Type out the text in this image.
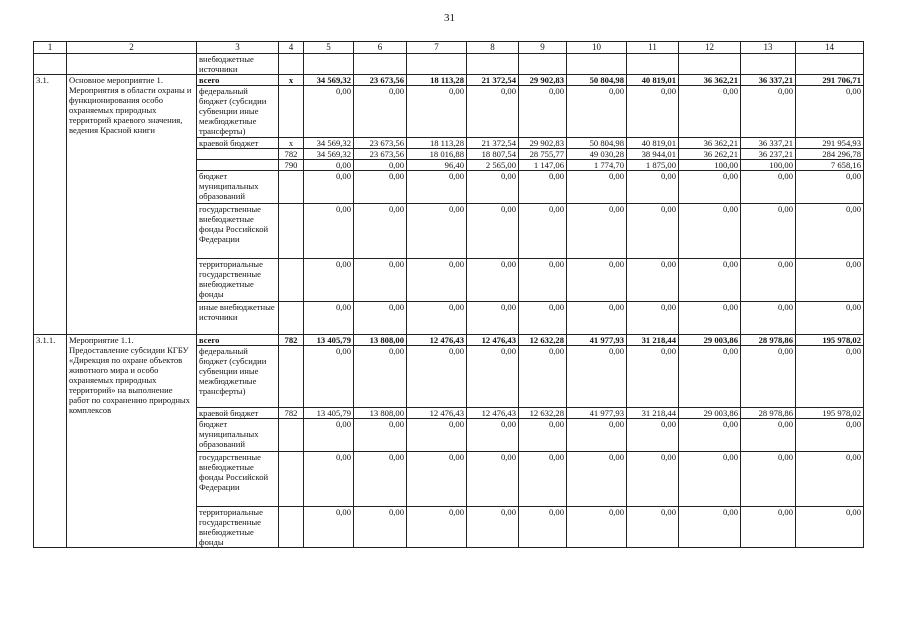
31
1	2	3	4	5	6	7	8	9	10	11	12	13	14
		внебюджетные источники											
3.1.	Основное мероприятие 1. Мероприятия в области охраны и функционирования особо охраняемых природных территорий краевого значения, ведения Красной книги	всего	х	34 569,32	23 673,56	18 113,28	21 372,54	29 902,83	50 804,98	40 819,01	36 362,21	36 337,21	291 706,71
		федеральный бюджет (субсидии субвенции иные межбюджетные трансферты)		0,00	0,00	0,00	0,00	0,00	0,00	0,00	0,00	0,00	0,00
		краевой бюджет	х	34 569,32	23 673,56	18 113,28	21 372,54	29 902,83	50 804,98	40 819,01	36 362,21	36 337,21	291 954,93
			782	34 569,32	23 673,56	18 016,88	18 807,54	28 755,77	49 030,28	38 944,01	36 262,21	36 237,21	284 296,78
			790	0,00	0,00	96,40	2 565,00	1 147,06	1 774,70	1 875,00	100,00	100,00	7 658,16
		бюджет муниципальных образований		0,00	0,00	0,00	0,00	0,00	0,00	0,00	0,00	0,00	0,00
		государственные внебюджетные фонды Российской Федерации		0,00	0,00	0,00	0,00	0,00	0,00	0,00	0,00	0,00	0,00
		территориальные государственные внебюджетные фонды		0,00	0,00	0,00	0,00	0,00	0,00	0,00	0,00	0,00	0,00
		иные внебюджетные источники		0,00	0,00	0,00	0,00	0,00	0,00	0,00	0,00	0,00	0,00
3.1.1.	Мероприятие 1.1. Предоставление субсидии КГБУ «Дирекция по охране объектов животного мира и особо охраняемых природных территорий» на выполнение работ по сохранению природных комплексов	всего	782	13 405,79	13 808,00	12 476,43	12 476,43	12 632,28	41 977,93	31 218,44	29 003,86	28 978,86	195 978,02
		федеральный бюджет (субсидии субвенции иные межбюджетные трансферты)		0,00	0,00	0,00	0,00	0,00	0,00	0,00	0,00	0,00	0,00
		краевой бюджет	782	13 405,79	13 808,00	12 476,43	12 476,43	12 632,28	41 977,93	31 218,44	29 003,86	28 978,86	195 978,02
		бюджет муниципальных образований		0,00	0,00	0,00	0,00	0,00	0,00	0,00	0,00	0,00	0,00
		государственные внебюджетные фонды Российской Федерации		0,00	0,00	0,00	0,00	0,00	0,00	0,00	0,00	0,00	0,00
		территориальные государственные внебюджетные фонды		0,00	0,00	0,00	0,00	0,00	0,00	0,00	0,00	0,00	0,00
